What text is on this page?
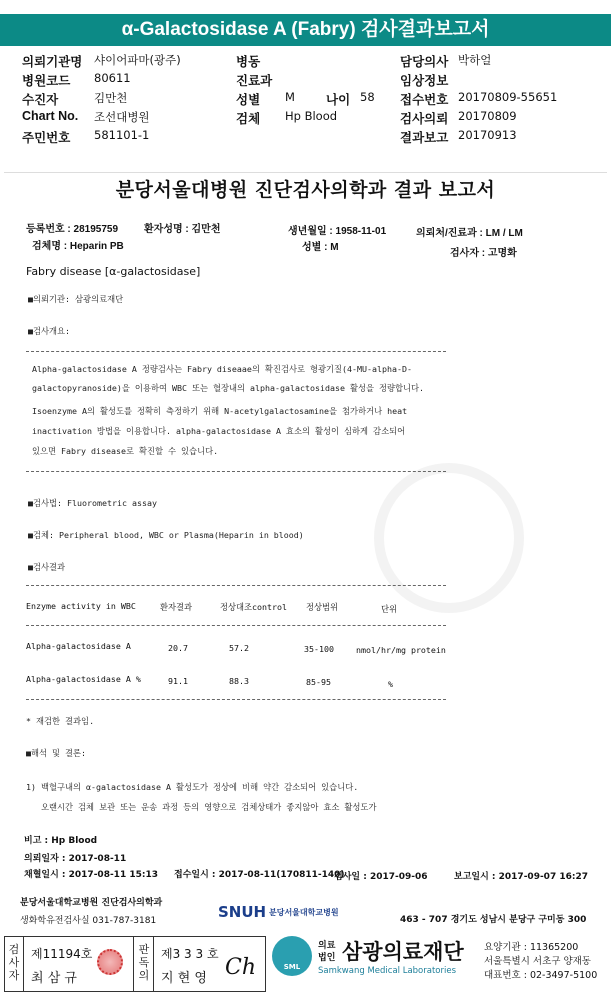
α-Galactosidase A (Fabry) 검사결과보고서
의뢰기관명 샤이어파마(광주)	병동	담당의사 박하얼
병원코드 80611	진료과	임상정보
수진자	김만천	성별 M 나이 58 접수번호 20170809-55651
Chart No. 조선대병원	검체 Hp Blood	검사의뢰 20170809
주민번호 581101-1	결과보고 20170913
분당서울대병원 진단검사의학과 결과 보고서
등록번호 : 28195759	환자성명 : 김만천	생년월일 : 1958-11-01	의뢰처/진료과 : LM / LM
검체명 : Heparin PB	성별 : M
검사자 : 고명화
Fabry disease [α-galactosidase]
■의뢰기관: 삼광의료재단
■검사개요:
Alpha-galactosidase A 정량검사는 Fabry diseaae의 확진검사로 형광기질(4-MU-alpha-D-
galactopyranoside)을 이용하여 WBC 또는 혈장내의 alpha-galactosidase 활성을 정량합니다.
Isoenzyme A의 활성도를 정확히 측정하기 위해 N-acetylgalactosamine을 첨가하거나 heat
inactivation 방법을 이용합니다. alpha-galactosidase A 효소의 활성이 심하게 감소되어
있으면 Fabry disease로 확진할 수 있습니다.
■검사법: Fluorometric assay
■검체: Peripheral blood, WBC or Plasma(Heparin in blood)
■검사결과
Enzyme activity in WBC	환자결과	정상대조control 정상범위	단위
Alpha-galactosidase A	20.7	57.2	35-100	nmol/hr/mg protein
Alpha-galactosidase A %	91.1	88.3	85-95	%
* 재검한 결과임.
■해석 및 결론:
1) 백혈구내의 α-galactosidase A 활성도가 정상에 비해 약간 감소되어 있습니다.
오랜시간 검체 보관 또는 운송 과정 등의 영향으로 검체상태가 좋지않아 효소 활성도가
비고 : Hp Blood
의뢰일자 : 2017-08-11
채혈일시 : 2017-08-11 15:13 접수일시 : 2017-08-11(170811-140)
검사일 : 2017-09-06	보고일시 : 2017-09-07 16:27
분당서울대학교병원 진단검사의학과
생화학유전검사실 031-787-3181	SNUH 분당서울대학교병원
463 - 707 경기도 성남시 분당구 구미동 300
검
사
자
제11194호
최 삼 규
판
독
의
제3 3 3 호
지 현 영 Ch	SML
의료
법인 삼광의료재단
Samkwang Medical Laboratories
요양기관 : 11365200
서울특별시 서초구 양재동
대표번호 : 02-3497-5100
